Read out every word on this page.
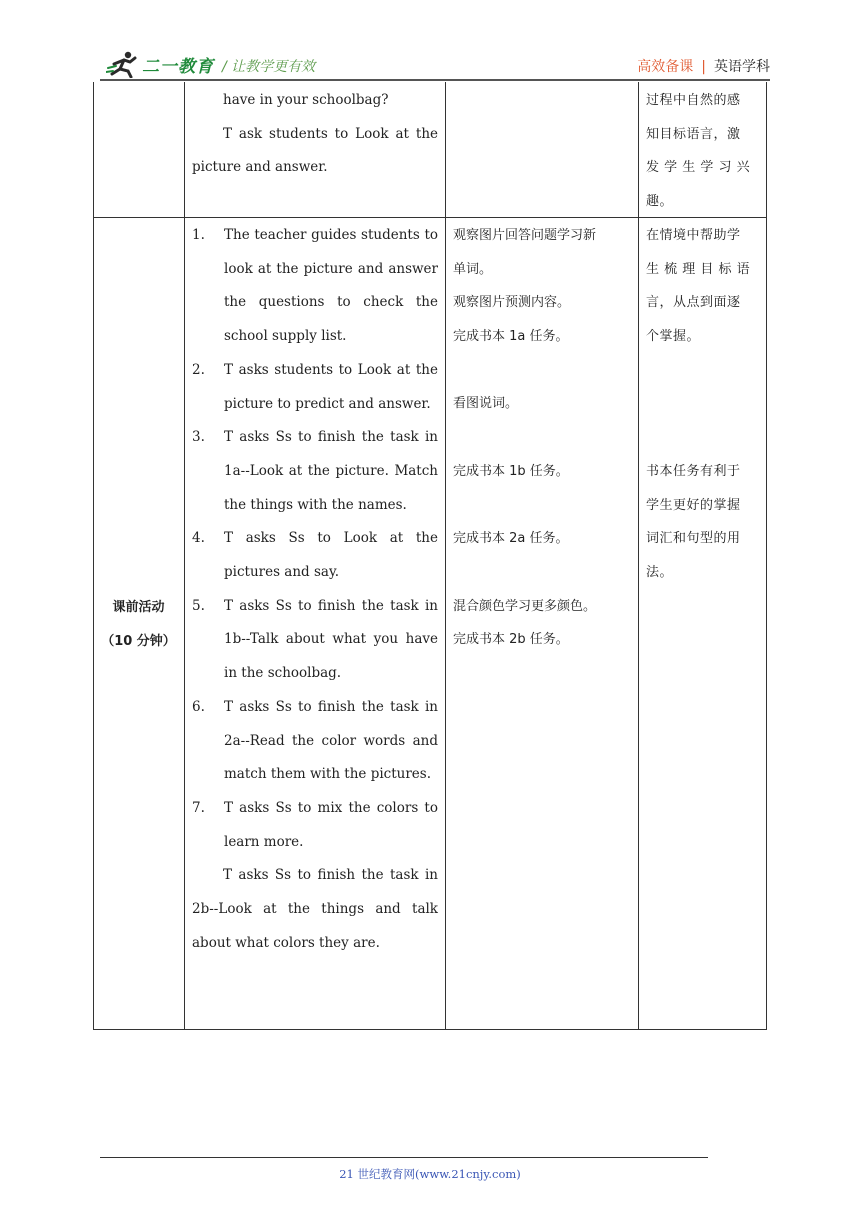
二一教育 / 让教学更有效	高效备课 | 英语学科

have in your schoolbag?

T ask students to Look at the picture and answer.

过程中自然的感
知目标语言，激
发 学 生 学 习 兴
趣。
课前活动
（10 分钟）
1. The teacher guides students to look at the picture and answer the questions to check the school supply list.
2. T asks students to Look at the picture to predict and answer.
3. T asks Ss to finish the task in 1a--Look at the picture. Match the things with the names.
4. T asks Ss to Look at the pictures and say.
5. T asks Ss to finish the task in 1b--Talk about what you have in the schoolbag.
6. T asks Ss to finish the task in 2a--Read the color words and match them with the pictures.
7. T asks Ss to mix the colors to learn more.

T asks Ss to finish the task in 2b--Look at the things and talk about what colors they are.

观察图片回答问题学习新
单词。
观察图片预测内容。
完成书本 1a 任务。
看图说词。
完成书本 1b 任务。
完成书本 2a 任务。
混合颜色学习更多颜色。
完成书本 2b 任务。
在情境中帮助学
生 梳 理 目 标 语
言，从点到面逐
个掌握。
书本任务有利于
学生更好的掌握
词汇和句型的用
法。
21 世纪教育网(www.21cnjy.com)
